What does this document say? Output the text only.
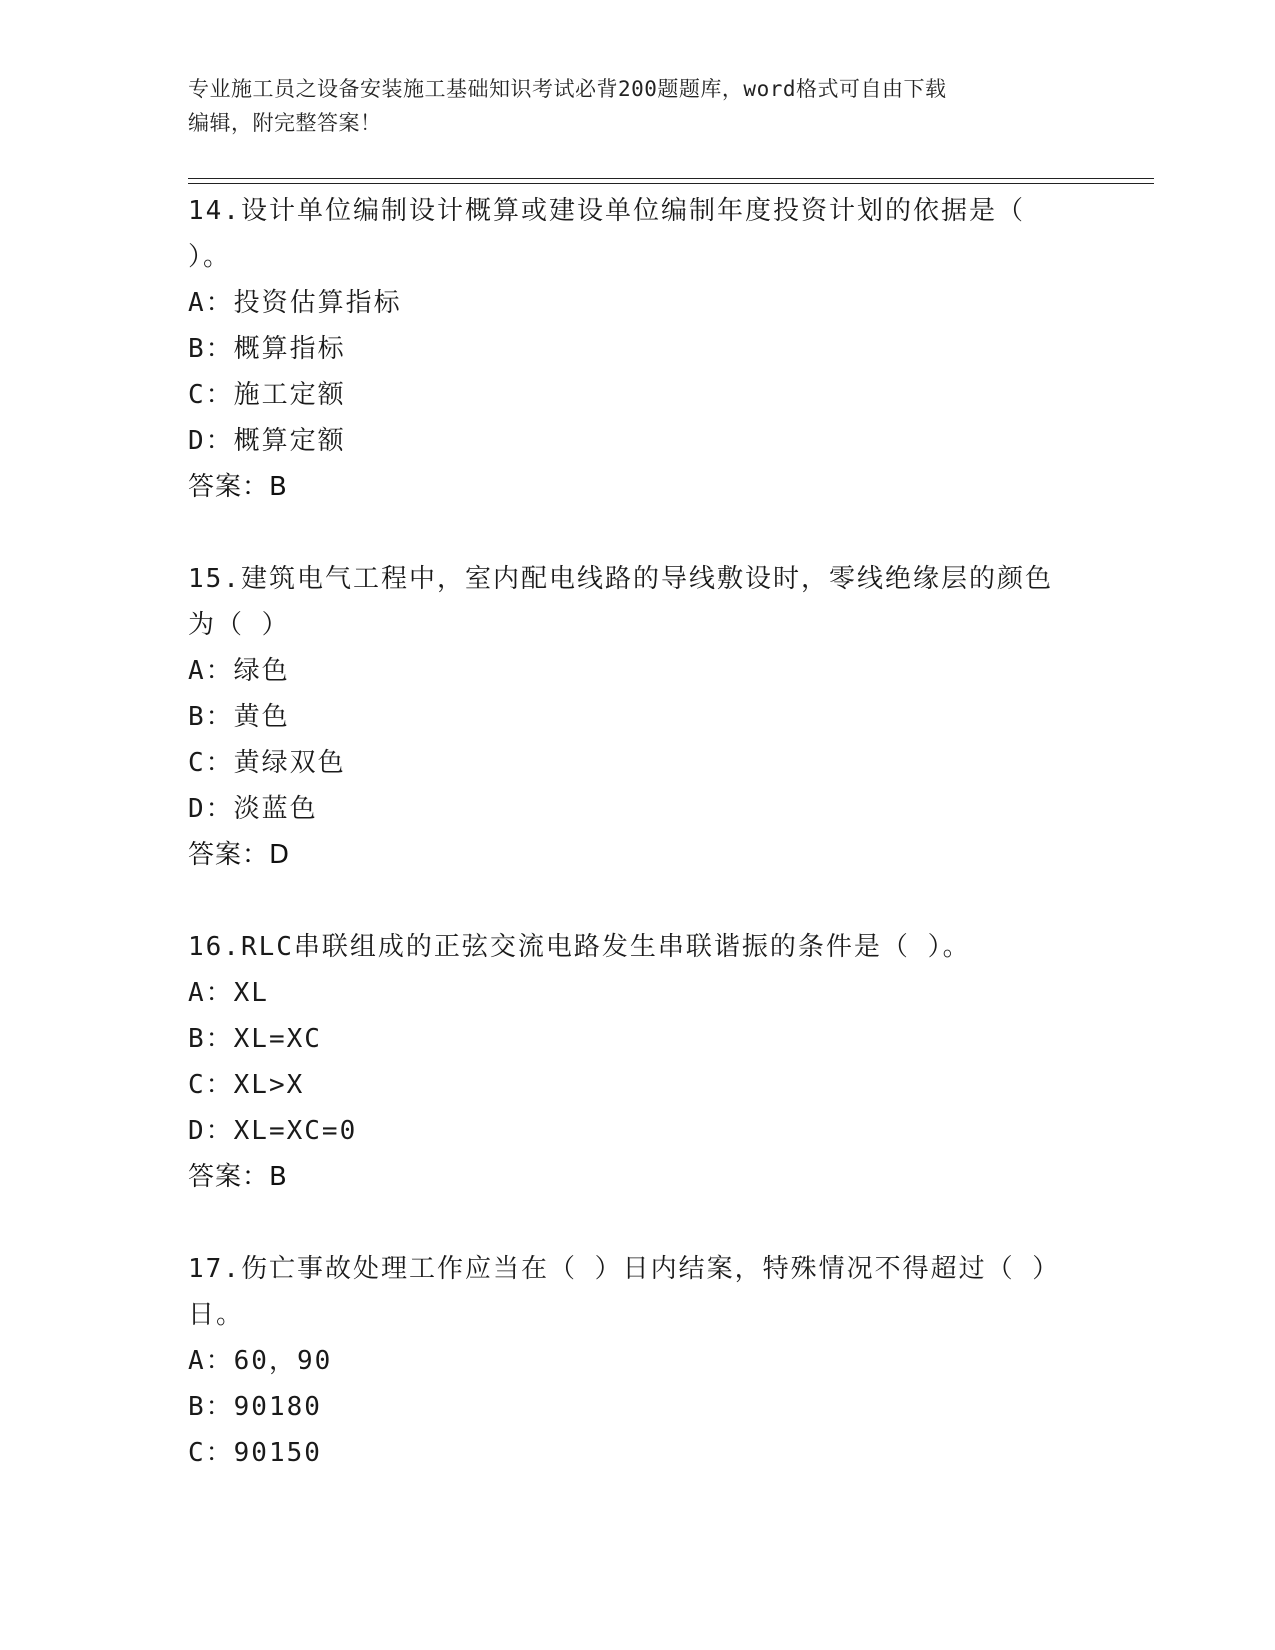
专业施工员之设备安装施工基础知识考试必背200题题库，word格式可自由下载
编辑，附完整答案！

14.设计单位编制设计概算或建设单位编制年度投资计划的依据是（

）。

A：投资估算指标

B：概算指标

C：施工定额

D：概算定额

答案：B

15.建筑电气工程中，室内配电线路的导线敷设时，零线绝缘层的颜色

为（ ）

A：绿色

B：黄色

C：黄绿双色

D：淡蓝色

答案：D

16.RLC串联组成的正弦交流电路发生串联谐振的条件是（ ）。

A：XL

B：XL=XC

C：XL>X

D：XL=XC=0

答案：B

17.伤亡事故处理工作应当在（ ）日内结案，特殊情况不得超过（ ）

日。

A：60，90

B：90180

C：90150
